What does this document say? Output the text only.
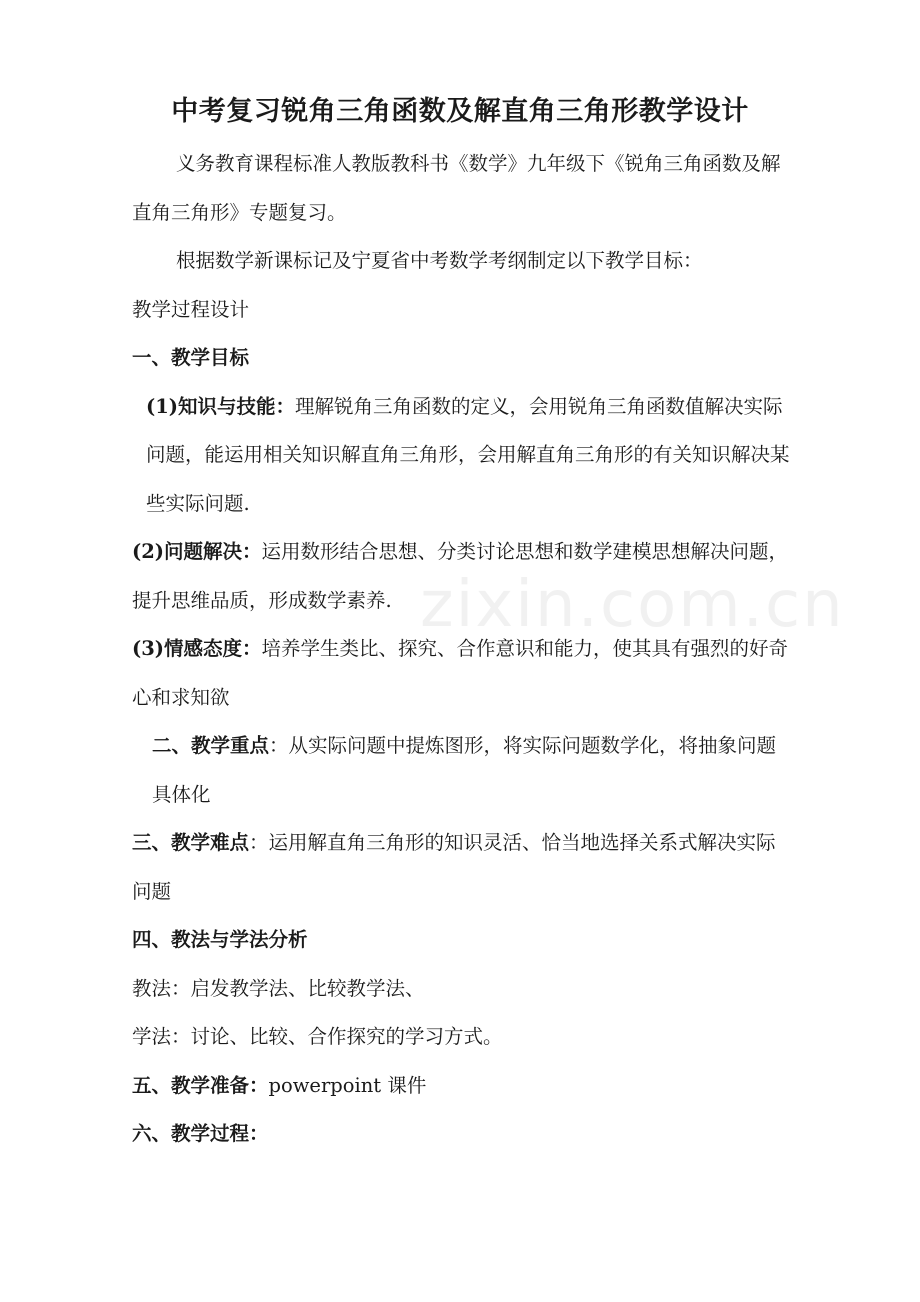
中考复习锐角三角函数及解直角三角形教学设计

义务教育课程标准人教版教科书《数学》九年级下《锐角三角函数及解直角三角形》专题复习。

根据数学新课标记及宁夏省中考数学考纲制定以下教学目标：

教学过程设计

一、教学目标

(1)知识与技能：理解锐角三角函数的定义，会用锐角三角函数值解决实际问题，能运用相关知识解直角三角形，会用解直角三角形的有关知识解决某些实际问题.

(2)问题解决：运用数形结合思想、分类讨论思想和数学建模思想解决问题，提升思维品质，形成数学素养.

(3)情感态度：培养学生类比、探究、合作意识和能力，使其具有强烈的好奇心和求知欲

二、教学重点：从实际问题中提炼图形，将实际问题数学化，将抽象问题具体化

三、教学难点：运用解直角三角形的知识灵活、恰当地选择关系式解决实际问题

四、教法与学法分析

教法：启发教学法、比较教学法、

学法：讨论、比较、合作探究的学习方式。

五、教学准备：powerpoint 课件

六、教学过程：

zixin.com.cn
